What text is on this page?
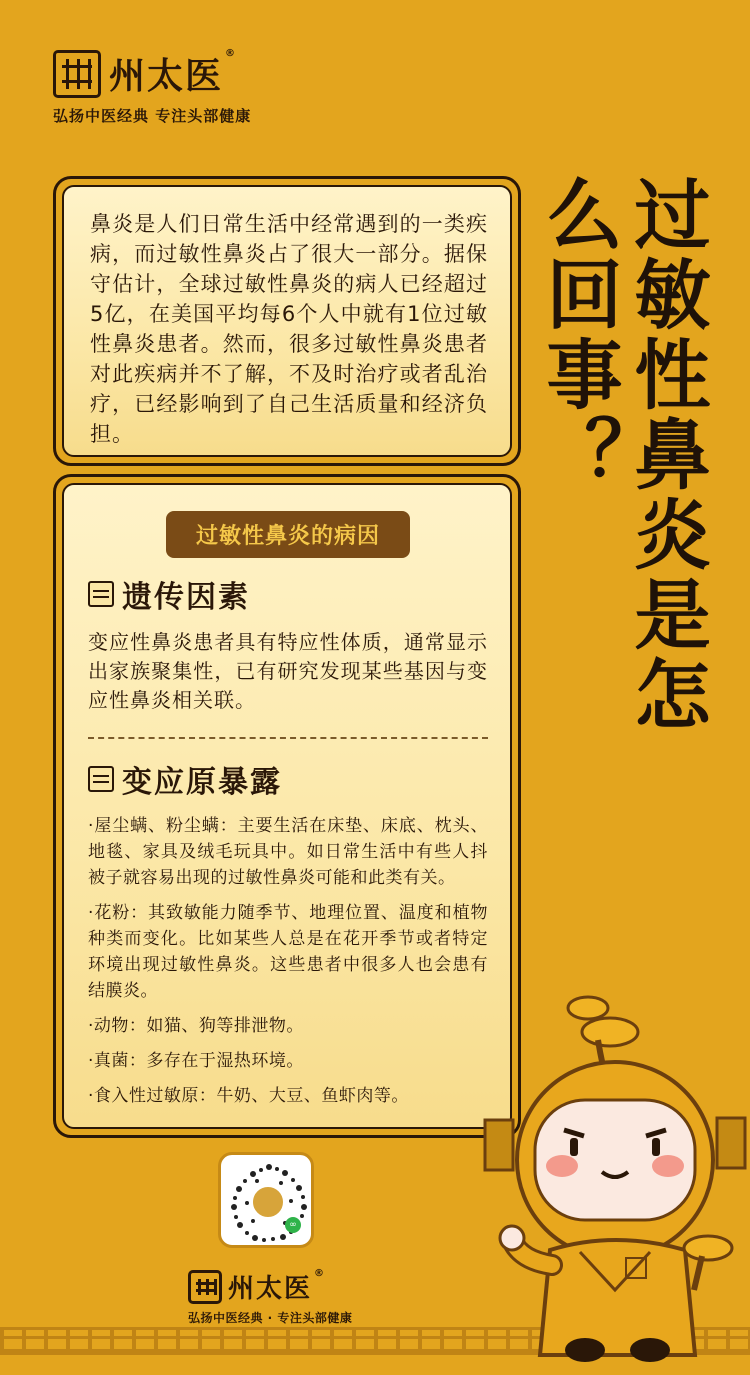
州太医®
弘扬中医经典 专注头部健康
过敏性鼻炎是怎么回事？

鼻炎是人们日常生活中经常遇到的一类疾病，而过敏性鼻炎占了很大一部分。据保守估计，全球过敏性鼻炎的病人已经超过5亿，在美国平均每6个人中就有1位过敏性鼻炎患者。然而，很多过敏性鼻炎患者对此疾病并不了解，不及时治疗或者乱治疗，已经影响到了自己生活质量和经济负担。

过敏性鼻炎的病因
遗传因素

变应性鼻炎患者具有特应性体质，通常显示出家族聚集性，已有研究发现某些基因与变应性鼻炎相关联。

变应原暴露

·屋尘螨、粉尘螨：主要生活在床垫、床底、枕头、地毯、家具及绒毛玩具中。如日常生活中有些人抖被子就容易出现的过敏性鼻炎可能和此类有关。

·花粉：其致敏能力随季节、地理位置、温度和植物种类而变化。比如某些人总是在花开季节或者特定环境出现过敏性鼻炎。这些患者中很多人也会患有结膜炎。

·动物：如猫、狗等排泄物。

·真菌：多存在于湿热环境。

·食入性过敏原：牛奶、大豆、鱼虾肉等。

∞
州太医®
弘扬中医经典 · 专注头部健康
